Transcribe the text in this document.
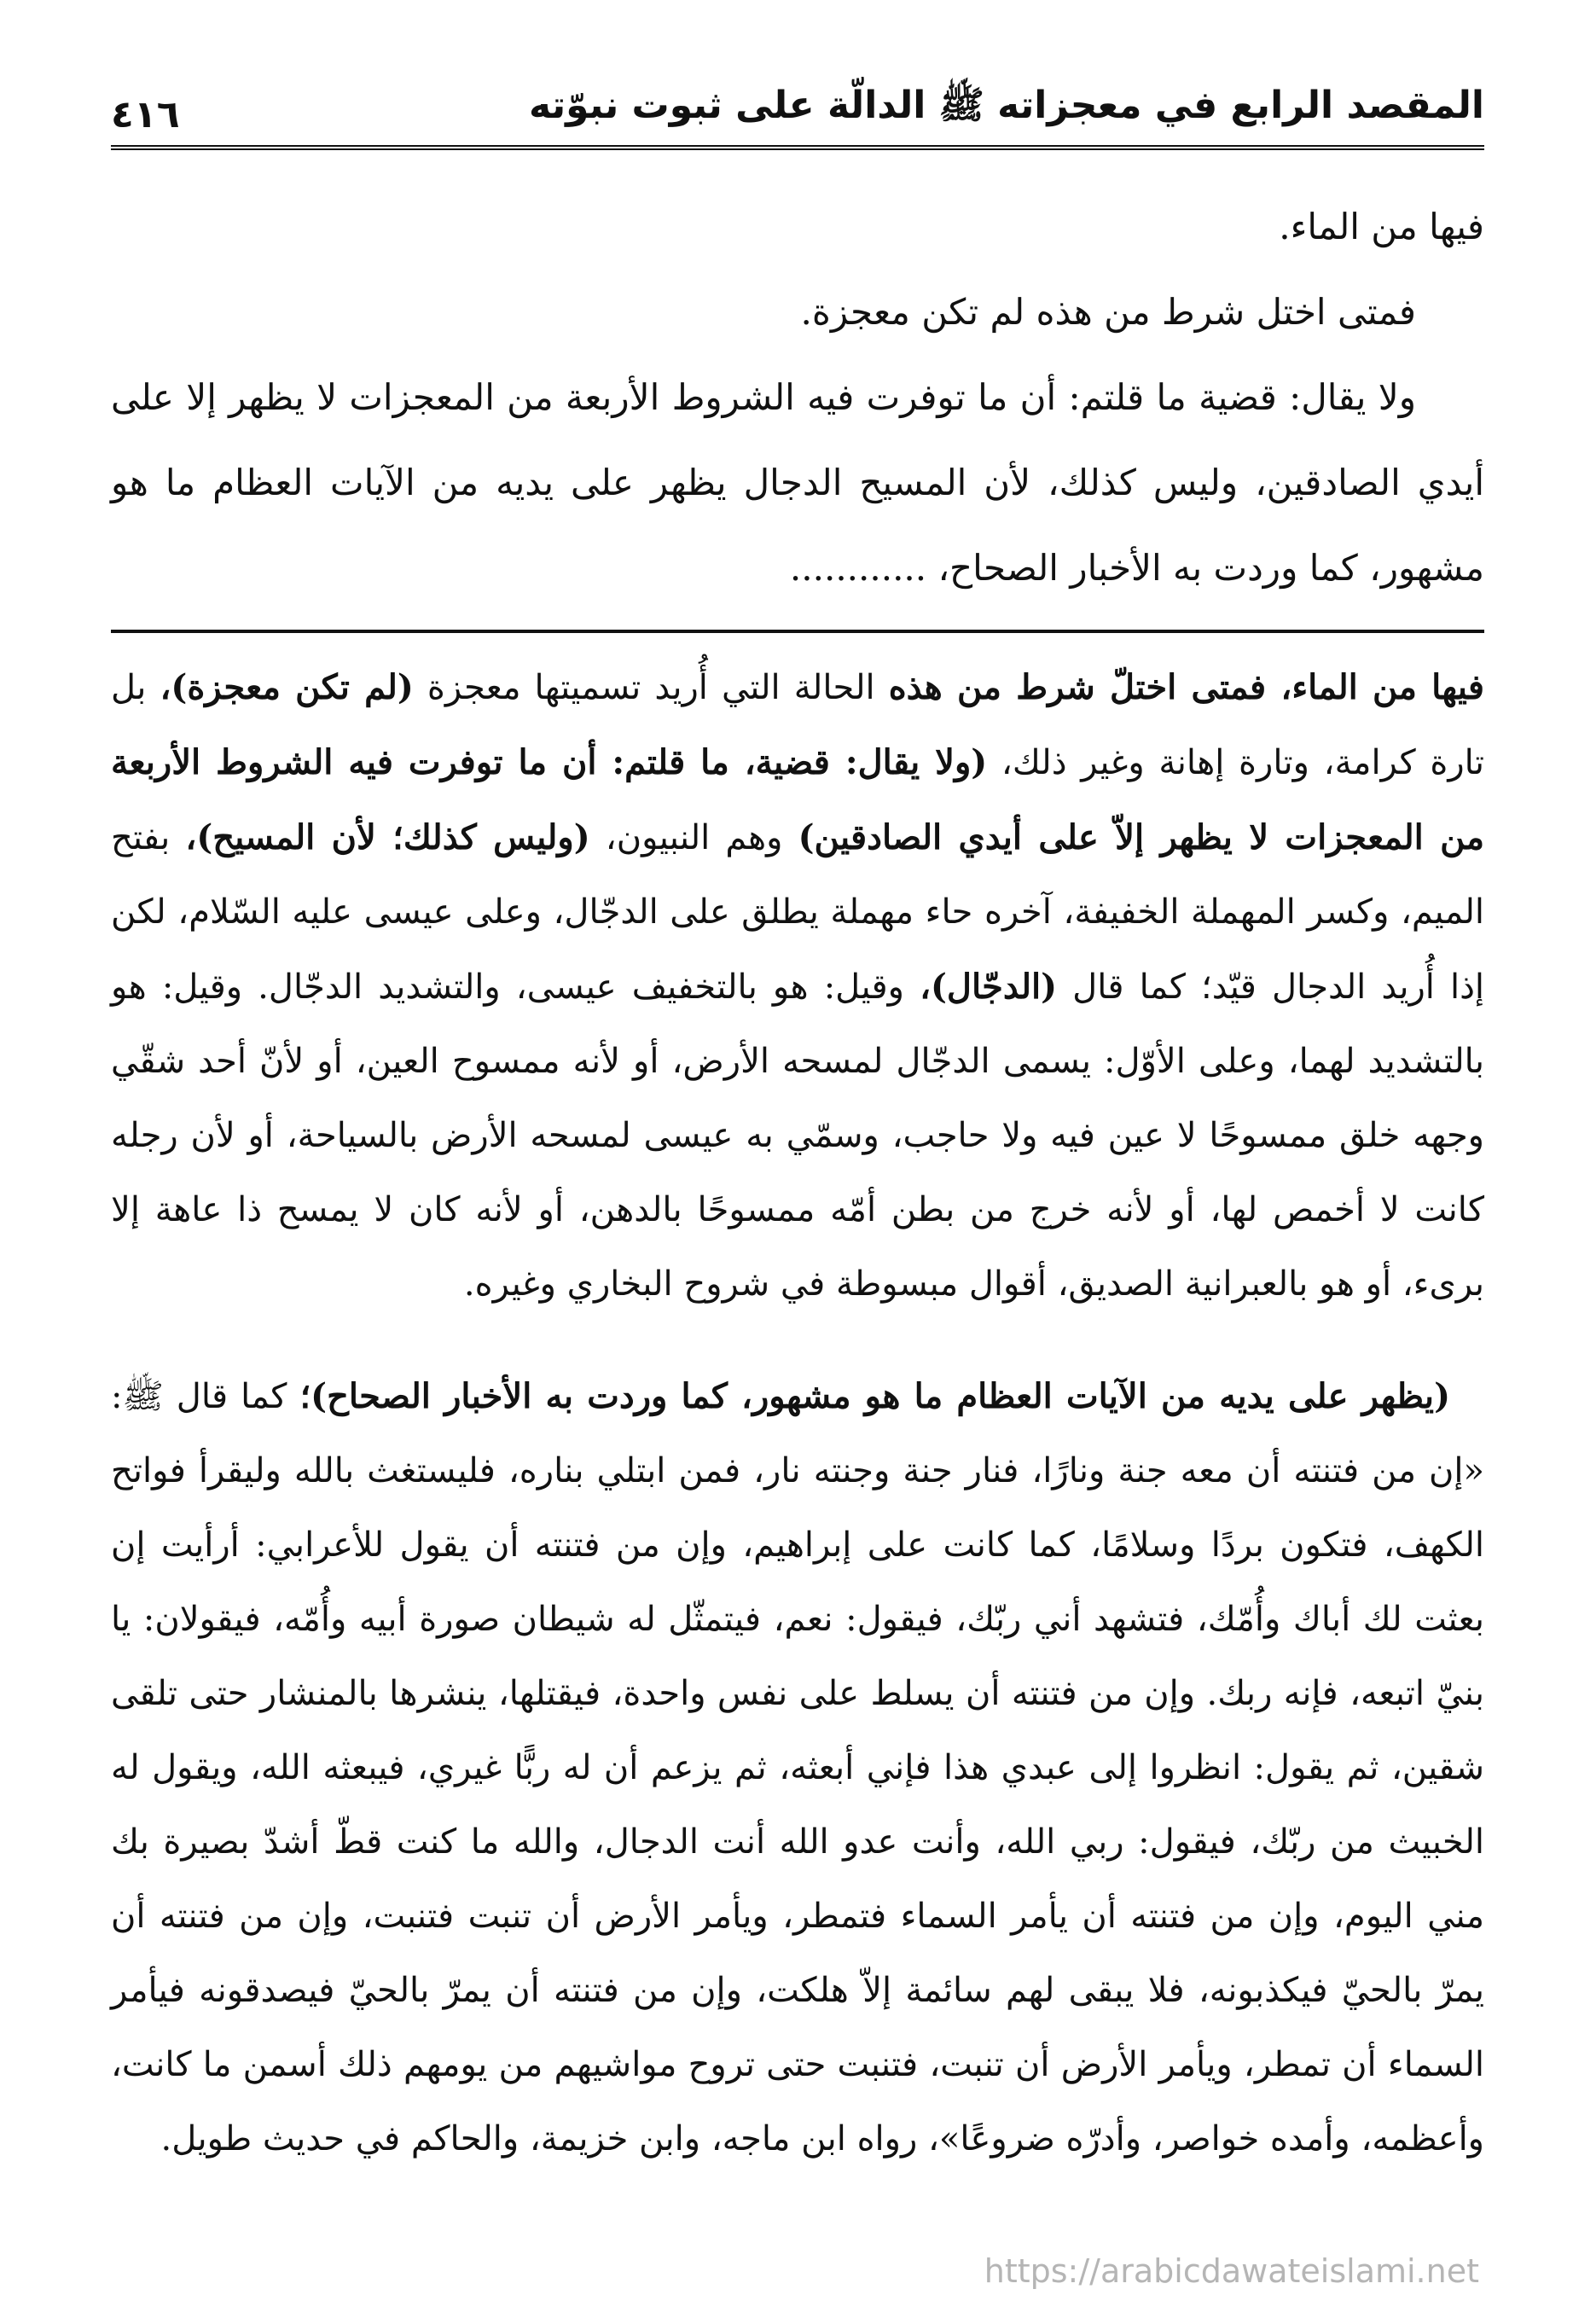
المقصد الرابع في معجزاته ﷺ الدالّة على ثبوت نبوّته
٤١٦

فيها من الماء.

فمتى اختل شرط من هذه لم تكن معجزة.

ولا يقال: قضية ما قلتم: أن ما توفرت فيه الشروط الأربعة من المعجزات لا يظهر إلا على أيدي الصادقين، وليس كذلك، لأن المسيح الدجال يظهر على يديه من الآيات العظام ما هو مشهور، كما وردت به الأخبار الصحاح، ............

فيها من الماء، فمتى اختلّ شرط من هذه الحالة التي أُريد تسميتها معجزة (لم تكن معجزة)، بل تارة كرامة، وتارة إهانة وغير ذلك، (ولا يقال: قضية، ما قلتم: أن ما توفرت فيه الشروط الأربعة من المعجزات لا يظهر إلاّ على أيدي الصادقين) وهم النبيون، (وليس كذلك؛ لأن المسيح)، بفتح الميم، وكسر المهملة الخفيفة، آخره حاء مهملة يطلق على الدجّال، وعلى عيسى عليه السّلام، لكن إذا أُريد الدجال قيّد؛ كما قال (الدجّال)، وقيل: هو بالتخفيف عيسى، والتشديد الدجّال. وقيل: هو بالتشديد لهما، وعلى الأوّل: يسمى الدجّال لمسحه الأرض، أو لأنه ممسوح العين، أو لأنّ أحد شقّي وجهه خلق ممسوحًا لا عين فيه ولا حاجب، وسمّي به عيسى لمسحه الأرض بالسياحة، أو لأن رجله كانت لا أخمص لها، أو لأنه خرج من بطن أمّه ممسوحًا بالدهن، أو لأنه كان لا يمسح ذا عاهة إلا برىء، أو هو بالعبرانية الصديق، أقوال مبسوطة في شروح البخاري وغيره.

(يظهر على يديه من الآيات العظام ما هو مشهور، كما وردت به الأخبار الصحاح)؛ كما قال ﷺ: «إن من فتنته أن معه جنة ونارًا، فنار جنة وجنته نار، فمن ابتلي بناره، فليستغث بالله وليقرأ فواتح الكهف، فتكون بردًا وسلامًا، كما كانت على إبراهيم، وإن من فتنته أن يقول للأعرابي: أرأيت إن بعثت لك أباك وأُمّك، فتشهد أني ربّك، فيقول: نعم، فيتمثّل له شيطان صورة أبيه وأُمّه، فيقولان: يا بنيّ اتبعه، فإنه ربك. وإن من فتنته أن يسلط على نفس واحدة، فيقتلها، ينشرها بالمنشار حتى تلقى شقين، ثم يقول: انظروا إلى عبدي هذا فإني أبعثه، ثم يزعم أن له ربًّا غيري، فيبعثه الله، ويقول له الخبيث من ربّك، فيقول: ربي الله، وأنت عدو الله أنت الدجال، والله ما كنت قطّ أشدّ بصيرة بك مني اليوم، وإن من فتنته أن يأمر السماء فتمطر، ويأمر الأرض أن تنبت فتنبت، وإن من فتنته أن يمرّ بالحيّ فيكذبونه، فلا يبقى لهم سائمة إلاّ هلكت، وإن من فتنته أن يمرّ بالحيّ فيصدقونه فيأمر السماء أن تمطر، ويأمر الأرض أن تنبت، فتنبت حتى تروح مواشيهم من يومهم ذلك أسمن ما كانت، وأعظمه، وأمده خواصر، وأدرّه ضروعًا»، رواه ابن ماجه، وابن خزيمة، والحاكم في حديث طويل.

https://arabicdawateislami.net
